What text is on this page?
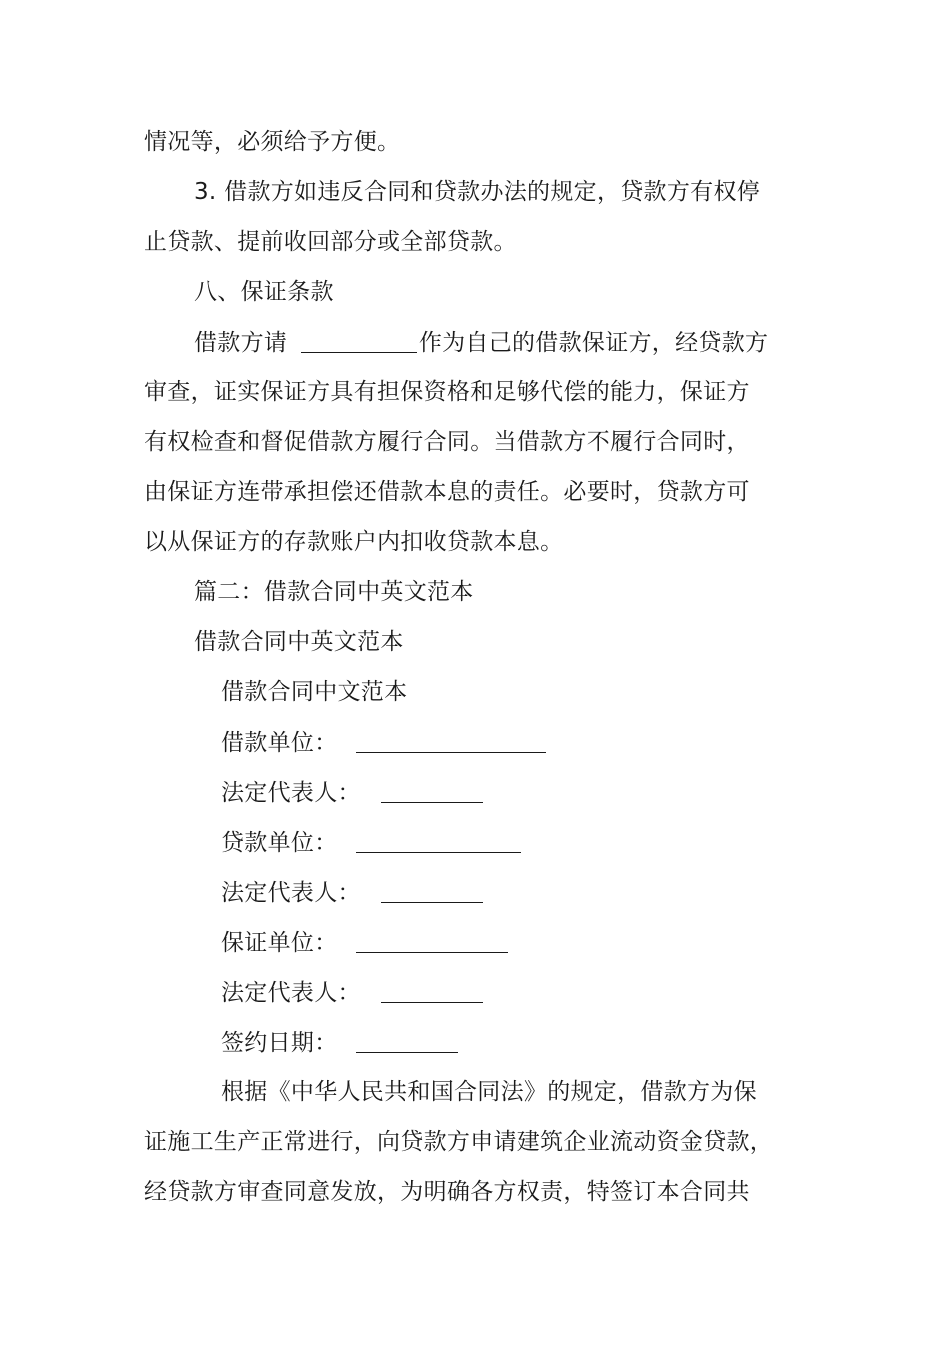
情况等，必须给予方便。
3. 借款方如违反合同和贷款办法的规定，贷款方有权停
止贷款、提前收回部分或全部贷款。
八、保证条款
借款方请	作为自己的借款保证方，经贷款方
审查，证实保证方具有担保资格和足够代偿的能力，保证方
有权检查和督促借款方履行合同。当借款方不履行合同时，
由保证方连带承担偿还借款本息的责任。必要时，贷款方可
以从保证方的存款账户内扣收贷款本息。
篇二：借款合同中英文范本
借款合同中英文范本
借款合同中文范本
借款单位：
法定代表人：
贷款单位：
法定代表人：
保证单位：
法定代表人：
签约日期：
根据《中华人民共和国合同法》的规定，借款方为保
证施工生产正常进行，向贷款方申请建筑企业流动资金贷款，
经贷款方审查同意发放，为明确各方权责，特签订本合同共
